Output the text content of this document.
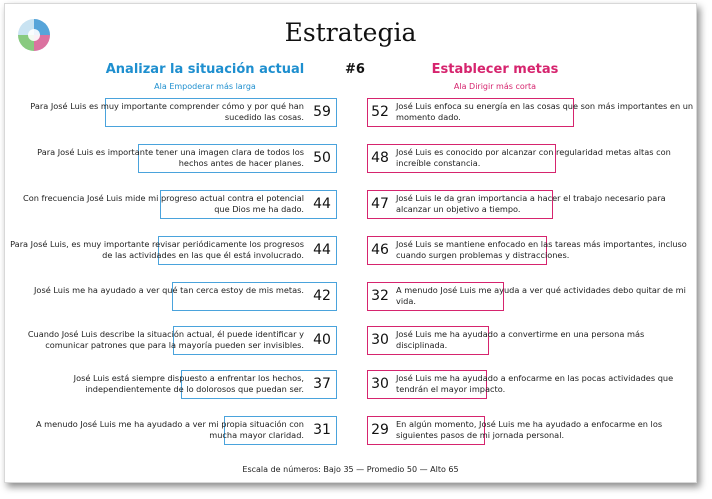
Estrategia
Analizar la situación actual
Ala Empoderar más larga
#6	Establecer metas
Ala Dirigir más corta
Para José Luis es muy importante comprender cómo y por qué han sucedido las cosas. 59
Para José Luis es importante tener una imagen clara de todos los hechos antes de hacer planes. 50
Con frecuencia José Luis mide mi progreso actual contra el potencial que Dios me ha dado. 44
Para José Luis, es muy importante revisar periódicamente los progresos de las actividades en las que él está involucrado. 44
José Luis me ha ayudado a ver qué tan cerca estoy de mis metas. 42
Cuando José Luis describe la situación actual, él puede identificar y comunicar patrones que para la mayoría pueden ser invisibles. 40
José Luis está siempre dispuesto a enfrentar los hechos, independientemente de lo dolorosos que puedan ser. 37
A menudo José Luis me ha ayudado a ver mi propia situación con mucha mayor claridad. 31
52 José Luis enfoca su energía en las cosas que son más importantes en un momento dado.
48 José Luis es conocido por alcanzar con regularidad metas altas con increíble constancia.
47 José Luis le da gran importancia a hacer el trabajo necesario para alcanzar un objetivo a tiempo.
46 José Luis se mantiene enfocado en las tareas más importantes, incluso cuando surgen problemas y distracciones.
32 A menudo José Luis me ayuda a ver qué actividades debo quitar de mi vida.
30 José Luis me ha ayudado a convertirme en una persona más disciplinada.
30 José Luis me ha ayudado a enfocarme en las pocas actividades que tendrán el mayor impacto.
29 En algún momento, José Luis me ha ayudado a enfocarme en los siguientes pasos de mi jornada personal.
Escala de números: Bajo 35 — Promedio 50 — Alto 65
